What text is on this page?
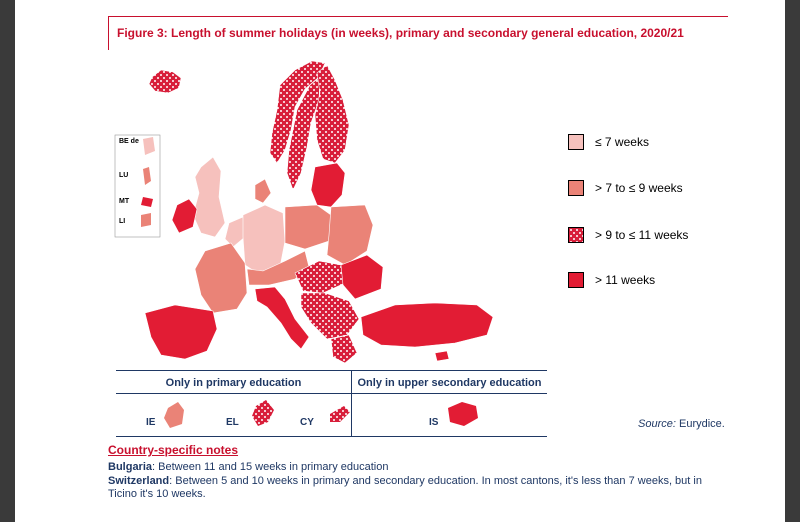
Figure 3: Length of summer holidays (in weeks), primary and secondary general education, 2020/21
BE de
LU
MT
LI
≤ 7 weeks
> 7 to ≤ 9 weeks
> 9 to ≤ 11 weeks
> 11 weeks
Only in primary education	Only in upper secondary education
IE	EL	CY	IS	Source: Eurydice.
Country-specific notes
Bulgaria: Between 11 and 15 weeks in primary education
Switzerland: Between 5 and 10 weeks in primary and secondary education. In most cantons, it's less than 7 weeks, but in Ticino it's 10 weeks.
